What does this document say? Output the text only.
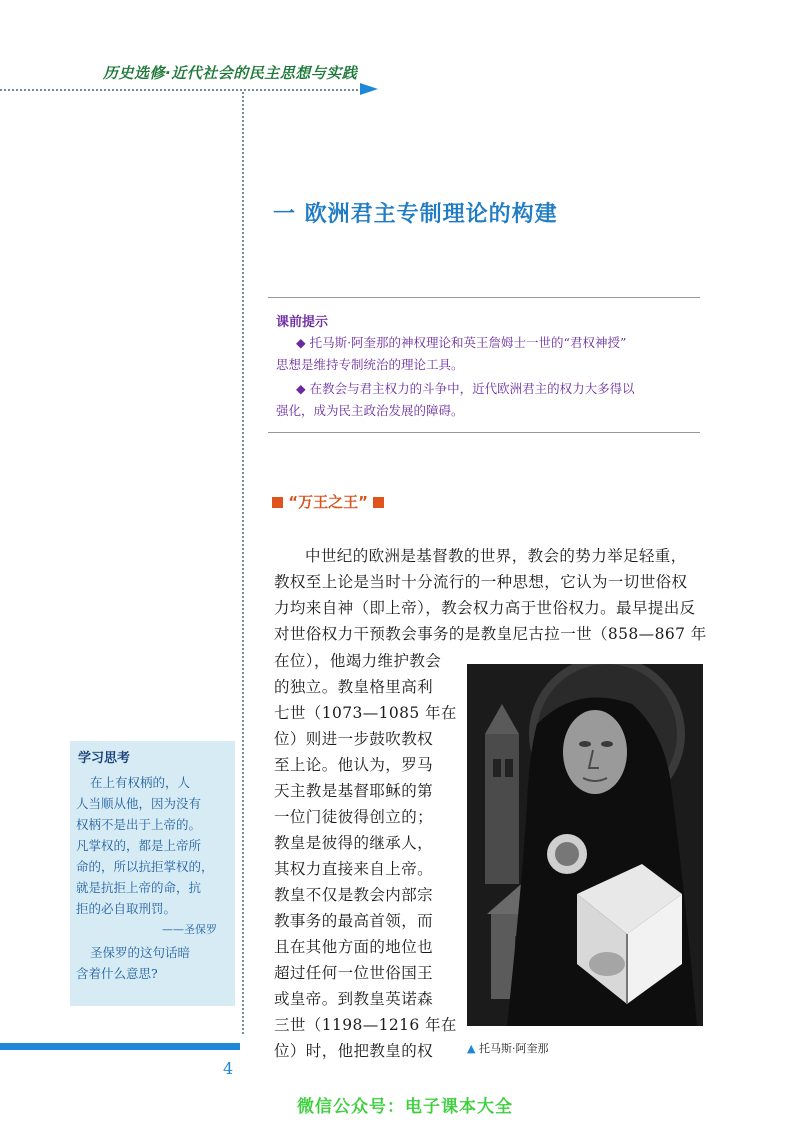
历史选修·近代社会的民主思想与实践
一 欧洲君主专制理论的构建
课前提示
◆ 托马斯·阿奎那的神权理论和英王詹姆士一世的“君权神授”
思想是维持专制统治的理论工具。
◆ 在教会与君主权力的斗争中，近代欧洲君主的权力大多得以
强化，成为民主政治发展的障碍。
“万王之王”
中世纪的欧洲是基督教的世界，教会的势力举足轻重，
教权至上论是当时十分流行的一种思想，它认为一切世俗权
力均来自神（即上帝），教会权力高于世俗权力。最早提出反
对世俗权力干预教会事务的是教皇尼古拉一世（858—867 年
在位），他竭力维护教会
的独立。教皇格里高利
七世（1073—1085 年在
位）则进一步鼓吹教权
至上论。他认为，罗马
天主教是基督耶稣的第
一位门徒彼得创立的；
教皇是彼得的继承人，
其权力直接来自上帝。
教皇不仅是教会内部宗
教事务的最高首领，而
且在其他方面的地位也
超过任何一位世俗国王
或皇帝。到教皇英诺森
三世（1198—1216 年在
位）时，他把教皇的权	▲ 托马斯·阿奎那
学习思考
在上有权柄的，人
人当顺从他，因为没有
权柄不是出于上帝的。
凡掌权的，都是上帝所
命的，所以抗拒掌权的，
就是抗拒上帝的命，抗
拒的必自取刑罚。
——圣保罗
圣保罗的这句话暗
含着什么意思?
4
微信公众号：电子课本大全
